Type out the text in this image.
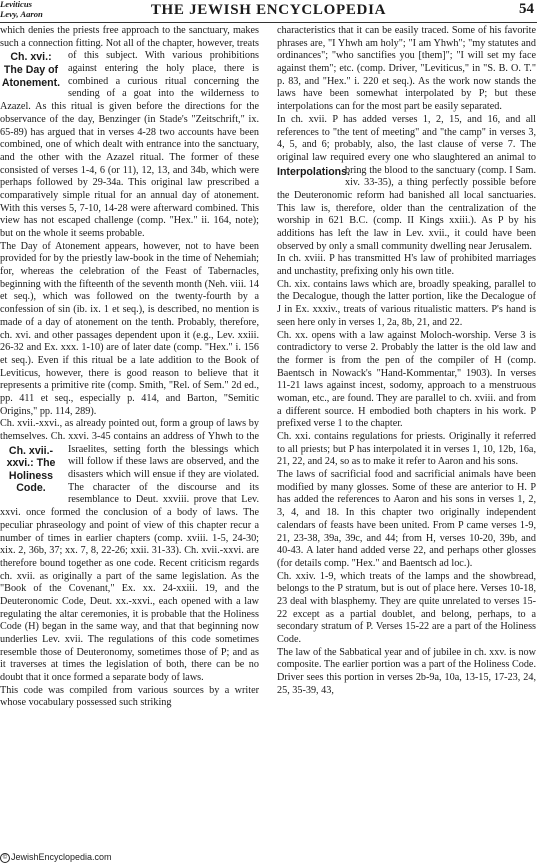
Leviticus
Levy, Aaron	THE JEWISH ENCYCLOPEDIA	54

which denies the priests free approach to the sanctuary, makes such a connection fitting. Not all of the chapter, however, treats of
Ch. xvi.: The Day of Atonement.
this subject. With various prohibitions against entering the holy place, there is combined a curious ritual concerning the sending of a goat into the wilderness to Azazel. As this ritual is given before the directions for the observance of the day, Benzinger (in Stade's "Zeitschrift," ix. 65-89) has argued that in verses 4-28 two accounts have been combined, one of which dealt with entrance into the sanctuary, and the other with the Azazel ritual. The former of these consisted of verses 1-4, 6 (or 11), 12, 13, and 34b, which were perhaps followed by 29-34a. This original law prescribed a comparatively simple ritual for an annual day of atonement. With this verses 5, 7-10, 14-28 were afterward combined. This view has not escaped challenge (comp. "Hex." ii. 164, note); but on the whole it seems probable.

The Day of Atonement appears, however, not to have been provided for by the priestly law-book in the time of Nehemiah; for, whereas the celebration of the Feast of Tabernacles, beginning with the fifteenth of the seventh month (Neh. viii. 14 et seq.), which was followed on the twenty-fourth by a confession of sin (ib. ix. 1 et seq.), is described, no mention is made of a day of atonement on the tenth. Probably, therefore, ch. xvi. and other passages dependent upon it (e.g., Lev. xxiii. 26-32 and Ex. xxx. 1-10) are of later date (comp. "Hex." i. 156 et seq.). Even if this ritual be a late addition to the Book of Leviticus, however, there is good reason to believe that it represents a primitive rite (comp. Smith, "Rel. of Sem." 2d ed., pp. 411 et seq., especially p. 414, and Barton, "Semitic Origins," pp. 114, 289).

Ch. xvii.-xxvi., as already pointed out, form a group of laws by themselves. Ch. xxvi. 3-45 contains an address of Yhwh to the Israelites, setting forth the blessings which
Ch. xvii.-xxvi.: The Holiness Code.
will follow if these laws are observed, and the disasters which will ensue if they are violated. The character of the discourse and its resemblance to Deut. xxviii. prove that Lev. xxvi. once formed the conclusion of a body of laws. The peculiar phraseology and point of view of this chapter recur a number of times in earlier chapters (comp. xviii. 1-5, 24-30; xix. 2, 36b, 37; xx. 7, 8, 22-26; xxii. 31-33). Ch. xvii.-xxvi. are therefore bound together as one code. Recent criticism regards ch. xvii. as originally a part of the same legislation. As the "Book of the Covenant," Ex. xx. 24-xxiii. 19, and the Deuteronomic Code, Deut. xx.-xxvi., each opened with a law regulating the altar ceremonies, it is probable that the Holiness Code (H) began in the same way, and that that beginning now underlies Lev. xvii. The regulations of this code sometimes resemble those of Deuteronomy, sometimes those of P; and as it traverses at times the legislation of both, there can be no doubt that it once formed a separate body of laws.

This code was compiled from various sources by a writer whose vocabulary possessed such striking

characteristics that it can be easily traced. Some of his favorite phrases are, "I Yhwh am holy"; "I am Yhwh"; "my statutes and ordinances"; "who sanctifies you [them]"; "I will set my face against them"; etc. (comp. Driver, "Leviticus," in "S. B. O. T." p. 83, and "Hex." i. 220 et seq.). As the work now stands the laws have been somewhat interpolated by P; but these interpolations can for the most part be easily separated.

In ch. xvii. P has added verses 1, 2, 15, and 16, and all references to "the tent of meeting" and "the camp" in verses 3, 4, 5, and 6; probably, also, the last clause of verse 7. The original law required every one who slaughtered an animal to bring the blood to
Interpolations.	the sanctuary (comp. I Sam. xiv. 33-35), a thing perfectly possible before the Deuteronomic reform had banished all local sanctuaries. This law is, therefore, older than the centralization of the worship in 621 B.C. (comp. II Kings xxiii.). As P by his additions has left the law in Lev. xvii., it could have been observed by only a small community dwelling near Jerusalem.

In ch. xviii. P has transmitted H's law of prohibited marriages and unchastity, prefixing only his own title.

Ch. xix. contains laws which are, broadly speaking, parallel to the Decalogue, though the latter portion, like the Decalogue of J in Ex. xxxiv., treats of various ritualistic matters. P's hand is seen here only in verses 1, 2a, 8b, 21, and 22.

Ch. xx. opens with a law against Moloch-worship. Verse 3 is contradictory to verse 2. Probably the latter is the old law and the former is from the pen of the compiler of H (comp. Baentsch in Nowack's "Hand-Kommentar," 1903). In verses 11-21 laws against incest, sodomy, approach to a menstruous woman, etc., are found. They are parallel to ch. xviii. and from a different source. H embodied both chapters in his work. P prefixed verse 1 to the chapter.

Ch. xxi. contains regulations for priests. Originally it referred to all priests; but P has interpolated it in verses 1, 10, 12b, 16a, 21, 22, and 24, so as to make it refer to Aaron and his sons.

The laws of sacrificial food and sacrificial animals have been modified by many glosses. Some of these are anterior to H. P has added the references to Aaron and his sons in verses 1, 2, 3, 4, and 18. In this chapter two originally independent calendars of feasts have been united. From P came verses 1-9, 21, 23-38, 39a, 39c, and 44; from H, verses 10-20, 39b, and 40-43. A later hand added verse 22, and perhaps other glosses (for details comp. "Hex." and Baentsch ad loc.).

Ch. xxiv. 1-9, which treats of the lamps and the showbread, belongs to the P stratum, but is out of place here. Verses 10-18, 23 deal with blasphemy. They are quite unrelated to verses 15-22 except as a partial doublet, and belong, perhaps, to a secondary stratum of P. Verses 15-22 are a part of the Holiness Code.

The law of the Sabbatical year and of jubilee in ch. xxv. is now composite. The earlier portion was a part of the Holiness Code. Driver sees this portion in verses 2b-9a, 10a, 13-15, 17-23, 24, 25, 35-39, 43,

© JewishEncyclopedia.com
